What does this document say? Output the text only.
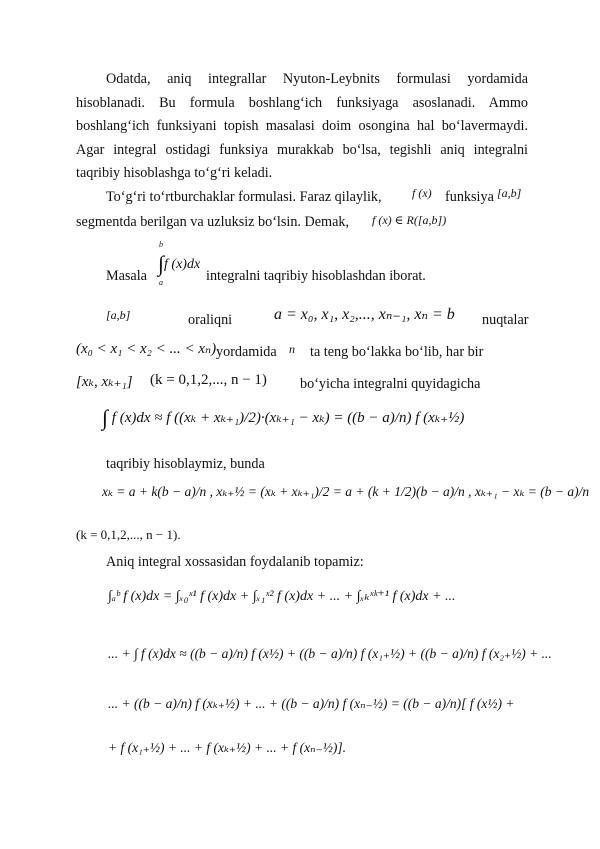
Odatda, aniq integrallar Nyuton-Leybnits formulasi yordamida hisoblanadi. Bu formula boshlang‘ich funksiyaga asoslanadi. Ammo boshlang‘ich funksiyani topish masalasi doim osongina hal bo‘lavermaydi. Agar integral ostidagi funksiya murakkab bo‘lsa, tegishli aniq integralni taqribiy hisoblashga to‘g‘ri keladi.
To‘g‘ri to‘rtburchaklar formulasi. Faraz qilaylik,	f (x) funksiya [a,b]
segmentda berilgan va uzluksiz bo‘lsin. Demak, f (x) ∈ R([a,b])
Masala
b
∫f (x)dx
a	integralni taqribiy hisoblashdan iborat.
[a,b]	oraliqni	a = x₀, x₁, x₂,..., xₙ₋₁, xₙ = b nuqtalar
(x₀ < x₁ < x₂ < ... < xₙ) yordamida n ta teng bo‘lakka bo‘lib, har bir
[xₖ, xₖ₊₁] (k = 0,1,2,..., n − 1) bo‘yicha integralni quyidagicha
∫ f (x)dx ≈ f ((xₖ + xₖ₊₁)/2)·(xₖ₊₁ − xₖ) = ((b − a)/n) f (xₖ₊½)
taqribiy hisoblaymiz, bunda
xₖ = a + k(b − a)/n , xₖ₊½ = (xₖ + xₖ₊₁)/2 = a + (k + 1/2)(b − a)/n , xₖ₊₁ − xₖ = (b − a)/n
(k = 0,1,2,..., n − 1).
Aniq integral xossasidan foydalanib topamiz:
∫ₐᵇ f (x)dx = ∫ₓ₀ˣ¹ f (x)dx + ∫ₓ₁ˣ² f (x)dx + ... + ∫ₓₖˣᵏ⁺¹ f (x)dx + ...
... + ∫ f (x)dx ≈ ((b − a)/n) f (x½) + ((b − a)/n) f (x₁₊½) + ((b − a)/n) f (x₂₊½) + ...
... + ((b − a)/n) f (xₖ₊½) + ... + ((b − a)/n) f (xₙ₋½) = ((b − a)/n)[ f (x½) +
+ f (x₁₊½) + ... + f (xₖ₊½) + ... + f (xₙ₋½)].
